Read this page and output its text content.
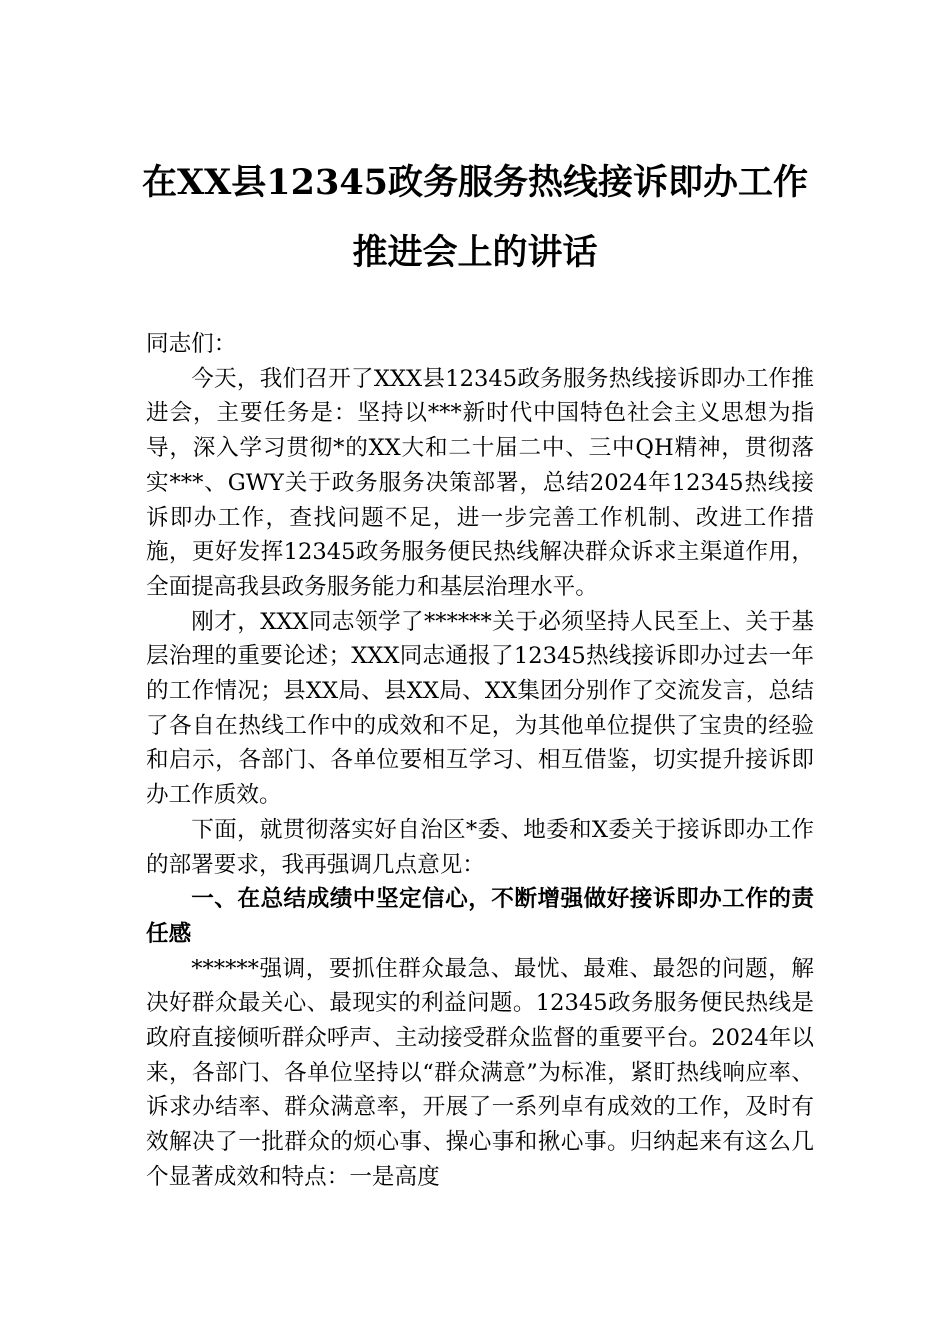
在XX县12345政务服务热线接诉即办工作
推进会上的讲话

同志们：

今天，我们召开了XXX县12345政务服务热线接诉即办工作推进会，主要任务是：坚持以***新时代中国特色社会主义思想为指导，深入学习贯彻*的XX大和二十届二中、三中QH精神，贯彻落实***、GWY关于政务服务决策部署，总结2024年12345热线接诉即办工作，查找问题不足，进一步完善工作机制、改进工作措施，更好发挥12345政务服务便民热线解决群众诉求主渠道作用，全面提高我县政务服务能力和基层治理水平。

刚才，XXX同志领学了******关于必须坚持人民至上、关于基层治理的重要论述；XXX同志通报了12345热线接诉即办过去一年的工作情况；县XX局、县XX局、XX集团分别作了交流发言，总结了各自在热线工作中的成效和不足，为其他单位提供了宝贵的经验和启示，各部门、各单位要相互学习、相互借鉴，切实提升接诉即办工作质效。

下面，就贯彻落实好自治区*委、地委和X委关于接诉即办工作的部署要求，我再强调几点意见：

一、在总结成绩中坚定信心，不断增强做好接诉即办工作的责任感

******强调，要抓住群众最急、最忧、最难、最怨的问题，解决好群众最关心、最现实的利益问题。12345政务服务便民热线是政府直接倾听群众呼声、主动接受群众监督的重要平台。2024年以来，各部门、各单位坚持以“群众满意”为标准，紧盯热线响应率、诉求办结率、群众满意率，开展了一系列卓有成效的工作，及时有效解决了一批群众的烦心事、操心事和揪心事。归纳起来有这么几个显著成效和特点：一是高度
